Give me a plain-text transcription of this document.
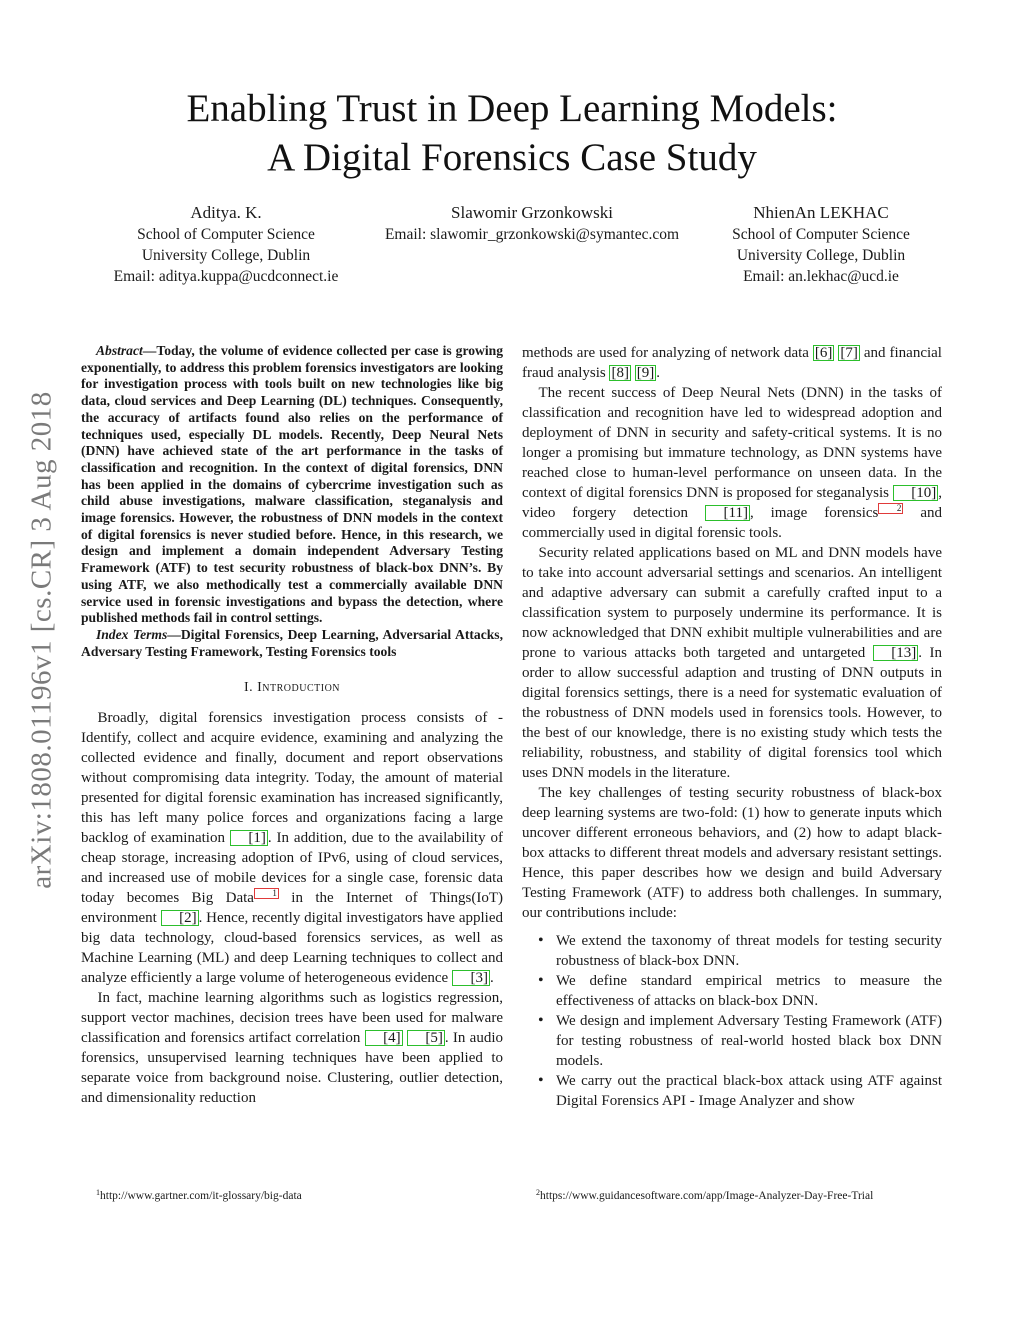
arXiv:1808.01196v1 [cs.CR] 3 Aug 2018
Enabling Trust in Deep Learning Models:
A Digital Forensics Case Study
Aditya. K.
School of Computer Science
University College, Dublin
Email: aditya.kuppa@ucdconnect.ie
Slawomir Grzonkowski
Email: slawomir_grzonkowski@symantec.com
NhienAn LEKHAC
School of Computer Science
University College, Dublin
Email: an.lekhac@ucd.ie

Abstract—Today, the volume of evidence collected per case is growing exponentially, to address this problem forensics investigators are looking for investigation process with tools built on new technologies like big data, cloud services and Deep Learning (DL) techniques. Consequently, the accuracy of artifacts found also relies on the performance of techniques used, especially DL models. Recently, Deep Neural Nets (DNN) have achieved state of the art performance in the tasks of classification and recognition. In the context of digital forensics, DNN has been applied in the domains of cybercrime investigation such as child abuse investigations, malware classification, steganalysis and image forensics. However, the robustness of DNN models in the context of digital forensics is never studied before. Hence, in this research, we design and implement a domain independent Adversary Testing Framework (ATF) to test security robustness of black-box DNN’s. By using ATF, we also methodically test a commercially available DNN service used in forensic investigations and bypass the detection, where published methods fail in control settings.

Index Terms—Digital Forensics, Deep Learning, Adversarial Attacks, Adversary Testing Framework, Testing Forensics tools

I. Introduction

Broadly, digital forensics investigation process consists of - Identify, collect and acquire evidence, examining and analyzing the collected evidence and finally, document and report observations without compromising data integrity. Today, the amount of material presented for digital forensic examination has increased significantly, this has left many police forces and organizations facing a large backlog of examination [1] . In addition, due to the availability of cheap storage, increasing adoption of IPv6, using of cloud services, and increased use of mobile devices for a single case, forensic data today becomes Big Data 1 in the Internet of Things(IoT) environment [2] . Hence, recently digital investigators have applied big data technology, cloud-based forensics services, as well as Machine Learning (ML) and deep Learning techniques to collect and analyze efficiently a large volume of heterogeneous evidence [3] .

In fact, machine learning algorithms such as logistics regression, support vector machines, decision trees have been used for malware classification and forensics artifact correlation [4] [5] . In audio forensics, unsupervised learning techniques have been applied to separate voice from background noise. Clustering, outlier detection, and dimensionality reduction

methods are used for analyzing of network data [6] [7] and financial fraud analysis [8] [9] .

The recent success of Deep Neural Nets (DNN) in the tasks of classification and recognition have led to widespread adoption and deployment of DNN in security and safety-critical systems. It is no longer a promising but immature technology, as DNN systems have reached close to human-level performance on unseen data. In the context of digital forensics DNN is proposed for steganalysis [10] , video forgery detection [11] , image forensics 2 and commercially used in digital forensic tools.

Security related applications based on ML and DNN models have to take into account adversarial settings and scenarios. An intelligent and adaptive adversary can submit a carefully crafted input to a classification system to purposely undermine its performance. It is now acknowledged that DNN exhibit multiple vulnerabilities and are prone to various attacks both targeted and untargeted [13] . In order to allow successful adaption and trusting of DNN outputs in digital forensics settings, there is a need for systematic evaluation of the robustness of DNN models used in forensics tools. However, to the best of our knowledge, there is no existing study which tests the reliability, robustness, and stability of digital forensics tool which uses DNN models in the literature.

The key challenges of testing security robustness of black-box deep learning systems are two-fold: (1) how to generate inputs which uncover different erroneous behaviors, and (2) how to adapt black-box attacks to different threat models and adversary resistant settings. Hence, this paper describes how we design and build Adversary Testing Framework (ATF) to address both challenges. In summary, our contributions include:

• We extend the taxonomy of threat models for testing security robustness of black-box DNN.
• We define standard empirical metrics to measure the effectiveness of attacks on black-box DNN.
• We design and implement Adversary Testing Framework (ATF) for testing robustness of real-world hosted black box DNN models.
• We carry out the practical black-box attack using ATF against Digital Forensics API - Image Analyzer and show
$^1$http://www.gartner.com/it-glossary/big-data	$^2$https://www.guidancesoftware.com/app/Image-Analyzer-Day-Free-Trial
